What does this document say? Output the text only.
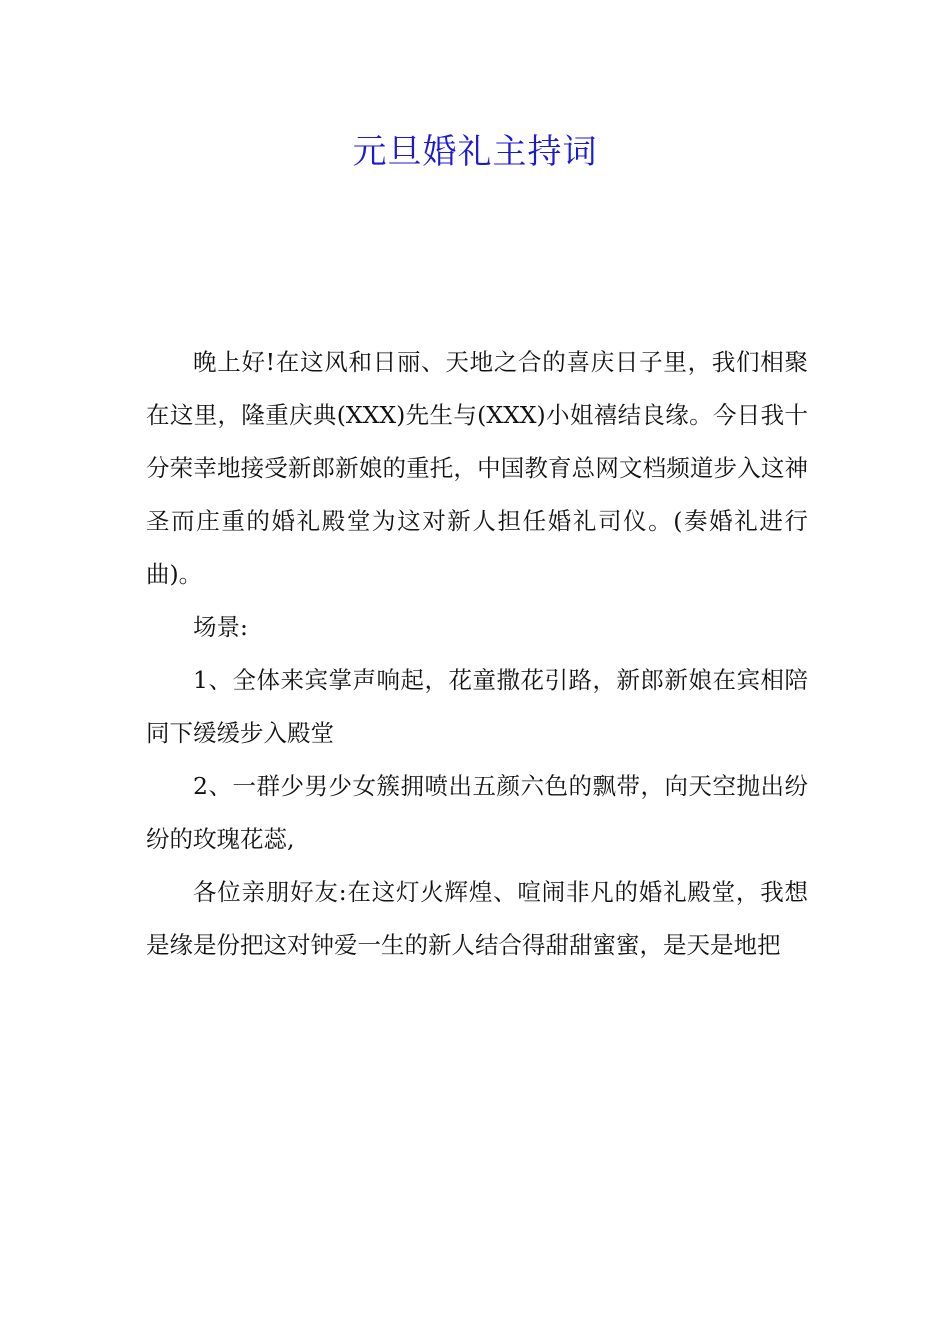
元旦婚礼主持词

晚上好!在这风和日丽、天地之合的喜庆日子里，我们相聚在这里，隆重庆典(XXX)先生与(XXX)小姐禧结良缘。今日我十分荣幸地接受新郎新娘的重托，中国教育总网文档频道步入这神圣而庄重的婚礼殿堂为这对新人担任婚礼司仪。(奏婚礼进行曲)。

场景:

1、全体来宾掌声响起，花童撒花引路，新郎新娘在宾相陪同下缓缓步入殿堂

2、一群少男少女簇拥喷出五颜六色的飘带，向天空抛出纷纷的玫瑰花蕊,

各位亲朋好友:在这灯火辉煌、喧闹非凡的婚礼殿堂，我想是缘是份把这对钟爱一生的新人结合得甜甜蜜蜜，是天是地把
